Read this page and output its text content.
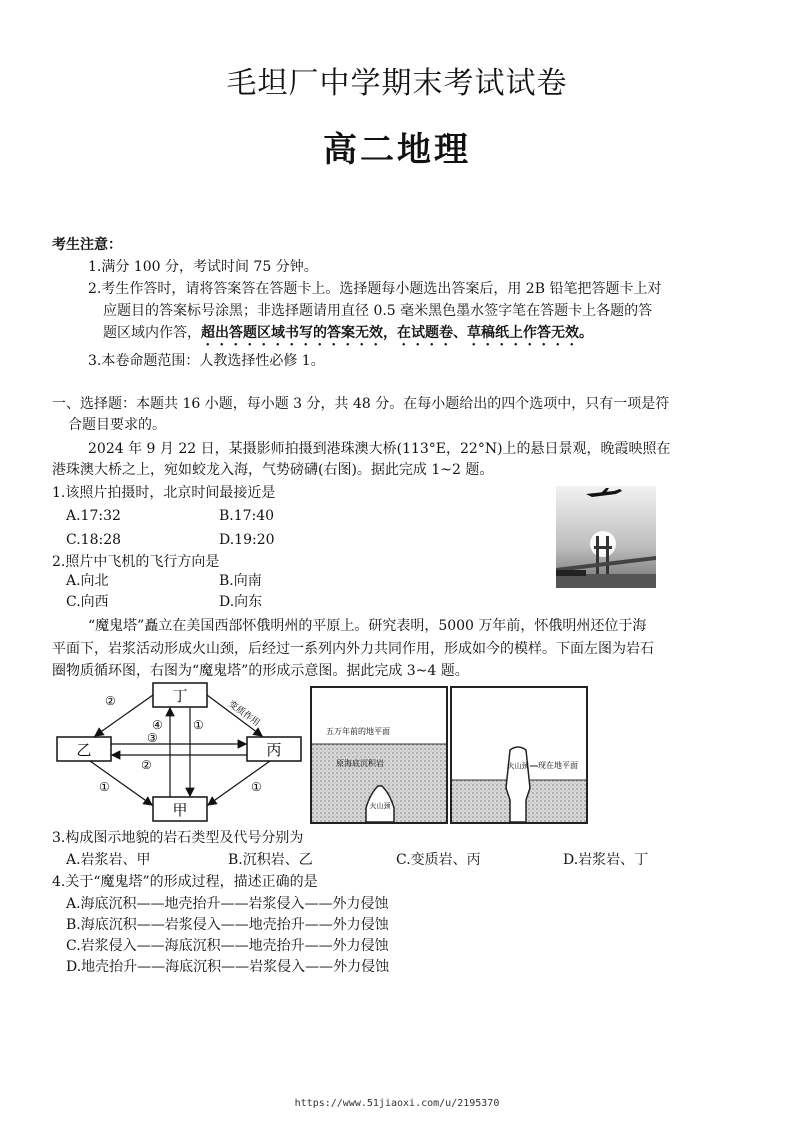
毛坦厂中学期末考试试卷
高二地理
考生注意：
1.满分 100 分，考试时间 75 分钟。
2.考生作答时，请将答案答在答题卡上。选择题每小题选出答案后，用 2B 铅笔把答题卡上对
应题目的答案标号涂黑；非选择题请用直径 0.5 毫米黑色墨水签字笔在答题卡上各题的答
题区域内作答，超出答题区域书写的答案无效，在试题卷、草稿纸上作答无效。
3.本卷命题范围：人教选择性必修 1。
一、选择题：本题共 16 小题，每小题 3 分，共 48 分。在每小题给出的四个选项中，只有一项是符
合题目要求的。
2024 年 9 月 22 日，某摄影师拍摄到港珠澳大桥(113°E，22°N)上的悬日景观，晚霞映照在
港珠澳大桥之上，宛如蛟龙入海，气势磅礴(右图)。据此完成 1~2 题。
1.该照片拍摄时，北京时间最接近是
A.17:32	B.17:40
C.18:28	D.19:20
2.照片中飞机的飞行方向是
A.向北	B.向南
C.向西	D.向东
“魔鬼塔”矗立在美国西部怀俄明州的平原上。研究表明，5000 万年前，怀俄明州还位于海
平面下，岩浆活动形成火山颈，后经过一系列内外力共同作用，形成如今的模样。下面左图为岩石
圈物质循环图，右图为“魔鬼塔”的形成示意图。据此完成 3~4 题。
丁
乙	丙
甲
变质作用
②
④	①
③
②
①	①
五万年前的地平面
原海底沉积岩
火山颈
现在地平面
火山颈
3.构成图示地貌的岩石类型及代号分别为
A.岩浆岩、甲	B.沉积岩、乙	C.变质岩、丙	D.岩浆岩、丁
4.关于“魔鬼塔”的形成过程，描述正确的是
A.海底沉积——地壳抬升——岩浆侵入——外力侵蚀
B.海底沉积——岩浆侵入——地壳抬升——外力侵蚀
C.岩浆侵入——海底沉积——地壳抬升——外力侵蚀
D.地壳抬升——海底沉积——岩浆侵入——外力侵蚀
https://www.51jiaoxi.com/u/2195370
